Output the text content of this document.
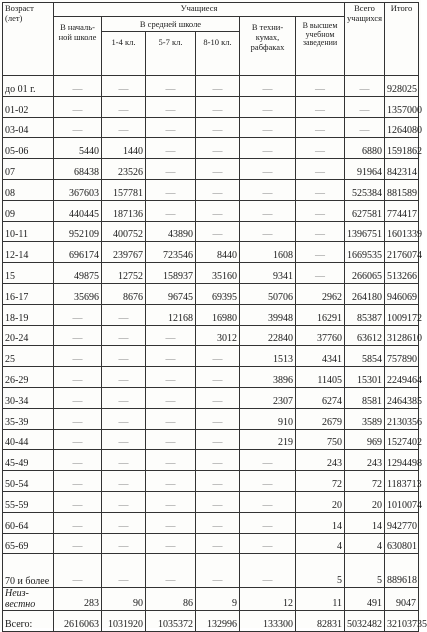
Возраст (лет)	Учащиеся						Всего учащихся	Итого
	В началь-ной школе	В средней школе			В техни-кумах, рабфаках	В высшем учебном заведении		
		1-4 кл.	5-7 кл.	8-10 кл.				
до 01 г.	—	—	—	—	—	—	—	928025
01-02	—	—	—	—	—	—	—	1357000
03-04	—	—	—	—	—	—	—	1264080
05-06	5440	1440	—	—	—	—	6880	1591862
07	68438	23526	—	—	—	—	91964	842314
08	367603	157781	—	—	—	—	525384	881589
09	440445	187136	—	—	—	—	627581	774417
10-11	952109	400752	43890	—	—	—	1396751	1601339
12-14	696174	239767	723546	8440	1608	—	1669535	2176074
15	49875	12752	158937	35160	9341	—	266065	513266
16-17	35696	8676	96745	69395	50706	2962	264180	946069
18-19	—	—	12168	16980	39948	16291	85387	1009172
20-24	—	—	—	3012	22840	37760	63612	3128610
25	—	—	—	—	1513	4341	5854	757890
26-29	—	—	—	—	3896	11405	15301	2249464
30-34	—	—	—	—	2307	6274	8581	2464385
35-39	—	—	—	—	910	2679	3589	2130356
40-44	—	—	—	—	219	750	969	1527402
45-49	—	—	—	—	—	243	243	1294498
50-54	—	—	—	—	—	72	72	1183713
55-59	—	—	—	—	—	20	20	1010074
60-64	—	—	—	—	—	14	14	942770
65-69	—	—	—	—	—	4	4	630801
70 и более	—	—	—	—	—	5	5	889618
Неиз-вестно	283	90	86	9	12	11	491	9047
Всего:	2616063	1031920	1035372	132996	133300	82831	5032482	32103735
